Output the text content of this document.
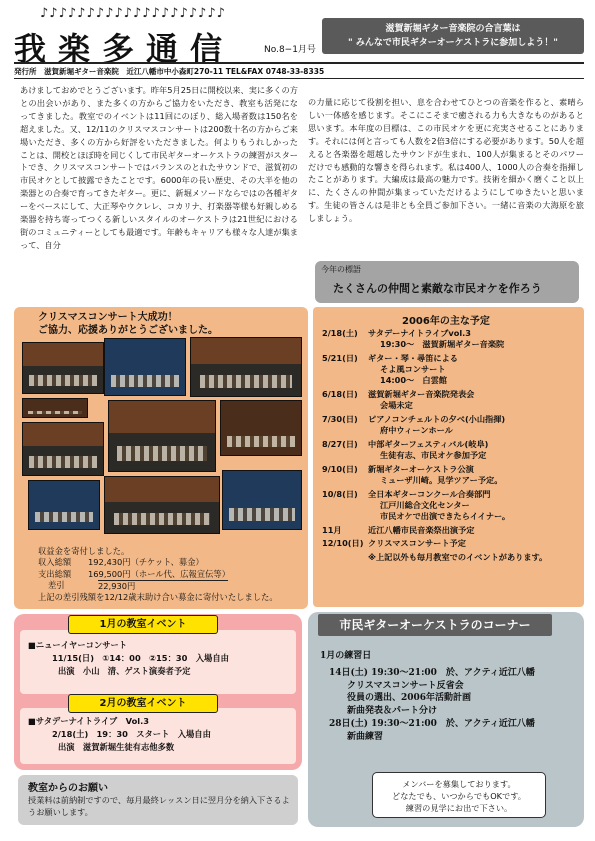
♪♪♪♪♪♪♪♪♪♪♪♪♪♪♪♪♪♪♪♪
我楽多通信	No.8−1月号
滋賀新堀ギター音楽院の合言葉は
" みんなで市民ギターオーケストラに参加しよう！"
発行所　滋賀新堀ギター音楽院　近江八幡市中小森町270-11 TEL&FAX 0748-33-8335
あけましておめでとうございます。昨年5月25日に開校以来、実に多くの方との出会いがあり、また多くの方からご協力をいただき、教室も活発になってきました。教室でのイベントは11回にのぼり、総入場者数は150名を超えました。又、12/11のクリスマスコンサートは200数十名の方からご来場いただき、多くの方から好評をいただきました。何よりもうれしかったことは、開校とほぼ時を同じくして市民ギターオーケストラの練習がスタートでき、クリスマスコンサートではバランスのとれたサウンドで、滋賀初の市民オケとして披露できたことです。6000年の長い歴史、その大半を他の楽器との合奏で育ってきたギター。更に、新堀メソードならではの各種ギターをベースにして、大正琴やウクレレ、コカリナ、打楽器等様も好親しめる楽器を持ち寄ってつくる新しいスタイルのオーケストラは21世紀における街のコミュニティーとしても最適です。年齢もキャリアも様々な人達が集まって、自分
の力量に応じて役割を担い、息を合わせてひとつの音楽を作ると、素晴らしい一体感を感じます。そこにこそまで癒される力も大きなものがあると思います。本年度の目標は、この市民オケを更に充実させることにあります。それには何と言っても人数を2倍3倍にする必要があります。50人を超えると各楽器を超越したサウンドが生まれ、100人が集まるとそのパワーだけでも感動的な響きを得られます。私は400人、1000人の合奏を指揮したことがあります。大編成は最高の魅力です。技術を細かく磨くこと以上に、たくさんの仲間が集まっていただけるようにしてゆきたいと思います。生徒の皆さんは是非とも全員ご参加下さい。一緒に音楽の大海原を旅しましょう。
今年の標語
たくさんの仲間と素敵な市民オケを作ろう
クリスマスコンサート大成功！
ご協力、応援ありがとうございました。
収益金を寄付しました。
収入総額	192,430円（チケット、募金）
支出総額	169,500円（ホール代、広報宣伝等）
差引	22,930円
上記の差引残額を12/12歳末助け合い募金に寄付いたしました。
2006年の主な予定
2/18(土)	サタデーナイトライブvol.3
19:30～　滋賀新堀ギター音楽院
5/21(日)	ギター・琴・尋笛による
そよ風コンサート
14:00～　白雲館
6/18(日)	滋賀新堀ギター音楽院発表会
会場未定
7/30(日)	ピアノコンチェルトの夕べ(小山指揮)
府中ウィーンホール
8/27(日)	中部ギターフェスティバル(岐阜)
生徒有志、市民オケ参加予定
9/10(日)	新堀ギターオーケストラ公演
ミューザ川崎。見学ツアー予定。
10/8(日)	全日本ギターコンクール合奏部門
江戸川総合文化センター
市民オケで出演できたらイイナー。
11月	近江八幡市民音楽祭出演予定
12/10(日) クリスマスコンサート予定
※上記以外も毎月教室でのイベントがあります。
1月の教室イベント
■ニューイヤーコンサート
11/15(日)　①14：00　②15：30　入場自由
出演　小山　清、ゲスト演奏者予定
2月の教室イベント
■サタデーナイトライブ　Vol.3
2/18(土)　19：30　スタート　入場自由
出演　滋賀新堀生徒有志他多数
教室からのお願い
授業料は前納制ですので、毎月最終レッスン日に翌月分を納入下さるようお願いします。
市民ギターオーケストラのコーナー
1月の練習日
　14日(土) 19:30～21:00　於、アクティ近江八幡
　　　クリスマスコンサート反省会
　　　役員の選出、2006年活動計画
　　　新曲発表＆パート分け
　28日(土) 19:30～21:00　於、アクティ近江八幡
　　　新曲練習
メンバーを募集しております。
どなたでも、いつからでもOKです。
練習の見学にお出で下さい。
